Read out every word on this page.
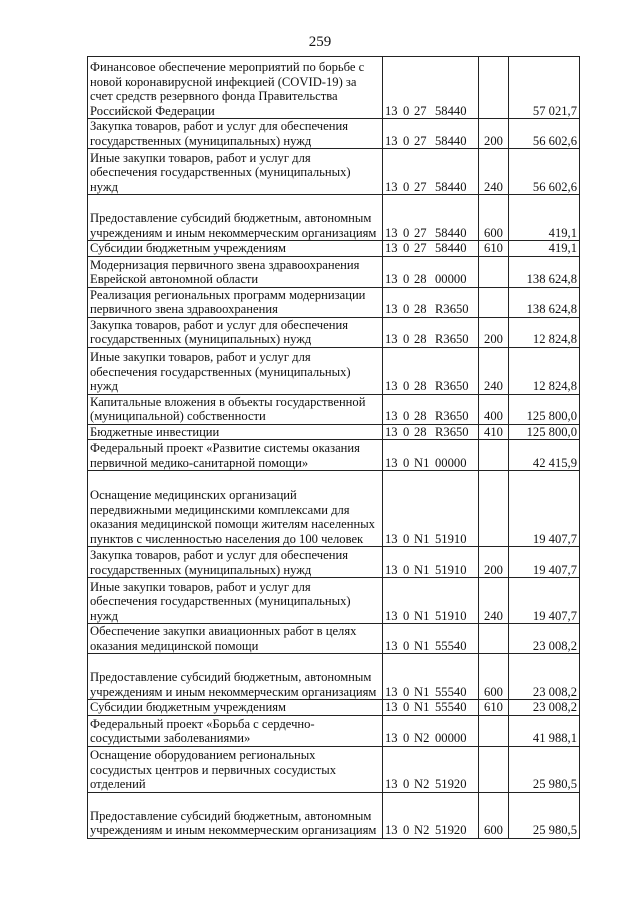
259
Финансовое обеспечение мероприятий по борьбе с новой коронавирусной инфекцией (COVID-19) за счет средств резервного фонда Правительства Российской Федерации	13 0 27 58440		57 021,7

Закупка товаров, работ и услуг для обеспечения государственных (муниципальных) нужд	13 0 27 58440	200	56 602,6

Иные закупки товаров, работ и услуг для обеспечения государственных (муниципальных) нужд	13 0 27 58440	240	56 602,6

Предоставление субсидий бюджетным, автономным учреждениям и иным некоммерческим организациям	13 0 27 58440	600	419,1

Субсидии бюджетным учреждениям	13 0 27 58440	610	419,1

Модернизация первичного звена здравоохранения Еврейской автономной области	13 0 28 00000		138 624,8

Реализация региональных программ модернизации первичного звена здравоохранения	13 0 28 R3650		138 624,8

Закупка товаров, работ и услуг для обеспечения государственных (муниципальных) нужд	13 0 28 R3650	200	12 824,8

Иные закупки товаров, работ и услуг для обеспечения государственных (муниципальных) нужд	13 0 28 R3650	240	12 824,8

Капитальные вложения в объекты государственной (муниципальной) собственности	13 0 28 R3650	400	125 800,0

Бюджетные инвестиции	13 0 28 R3650	410	125 800,0

Федеральный проект «Развитие системы оказания первичной медико-санитарной помощи»	13 0 N1 00000		42 415,9

Оснащение медицинских организаций передвижными медицинскими комплексами для оказания медицинской помощи жителям населенных пунктов с численностью населения до 100 человек	13 0 N1 51910		19 407,7

Закупка товаров, работ и услуг для обеспечения государственных (муниципальных) нужд	13 0 N1 51910	200	19 407,7

Иные закупки товаров, работ и услуг для обеспечения государственных (муниципальных) нужд	13 0 N1 51910	240	19 407,7

Обеспечение закупки авиационных работ в целях оказания медицинской помощи	13 0 N1 55540		23 008,2

Предоставление субсидий бюджетным, автономным учреждениям и иным некоммерческим организациям	13 0 N1 55540	600	23 008,2

Субсидии бюджетным учреждениям	13 0 N1 55540	610	23 008,2

Федеральный проект «Борьба с сердечно-сосудистыми заболеваниями»	13 0 N2 00000		41 988,1

Оснащение оборудованием региональных сосудистых центров и первичных сосудистых отделений	13 0 N2 51920		25 980,5

Предоставление субсидий бюджетным, автономным учреждениям и иным некоммерческим организациям	13 0 N2 51920	600	25 980,5
